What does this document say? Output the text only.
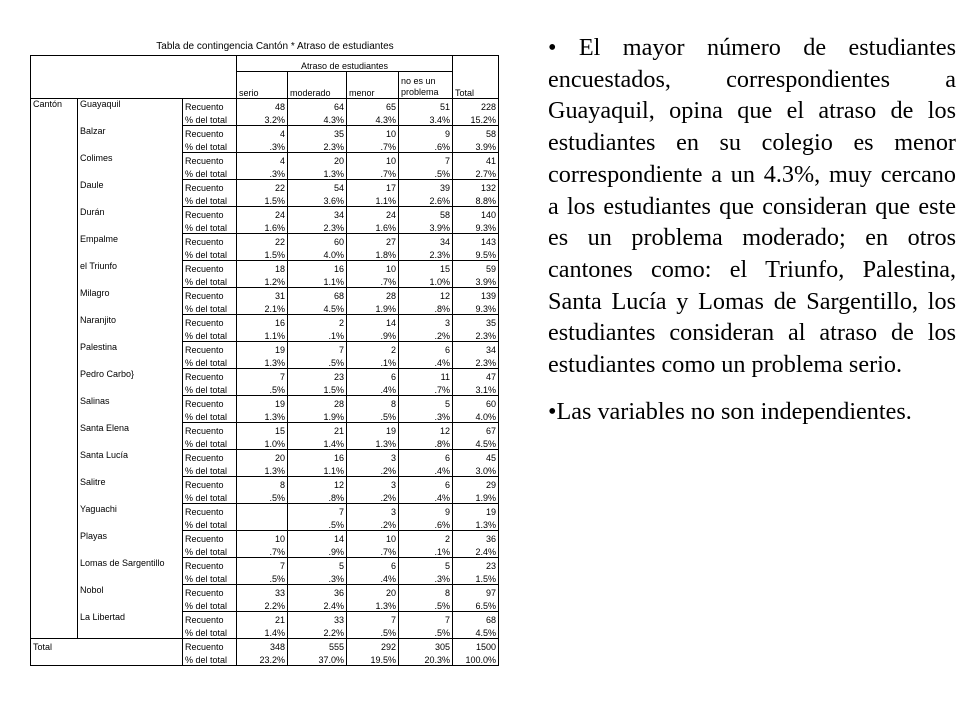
Tabla de contingencia Cantón * Atraso de estudiantes
			Atraso de estudiantes				
			serio	moderado	menor	no es un problema	Total
Cantón	Guayaquil	Recuento	48	64	65	51	228
		% del total	3.2%	4.3%	4.3%	3.4%	15.2%
	Balzar	Recuento	4	35	10	9	58
		% del total	.3%	2.3%	.7%	.6%	3.9%
	Colimes	Recuento	4	20	10	7	41
		% del total	.3%	1.3%	.7%	.5%	2.7%
	Daule	Recuento	22	54	17	39	132
		% del total	1.5%	3.6%	1.1%	2.6%	8.8%
	Durán	Recuento	24	34	24	58	140
		% del total	1.6%	2.3%	1.6%	3.9%	9.3%
	Empalme	Recuento	22	60	27	34	143
		% del total	1.5%	4.0%	1.8%	2.3%	9.5%
	el Triunfo	Recuento	18	16	10	15	59
		% del total	1.2%	1.1%	.7%	1.0%	3.9%
	Milagro	Recuento	31	68	28	12	139
		% del total	2.1%	4.5%	1.9%	.8%	9.3%
	Naranjito	Recuento	16	2	14	3	35
		% del total	1.1%	.1%	.9%	.2%	2.3%
	Palestina	Recuento	19	7	2	6	34
		% del total	1.3%	.5%	.1%	.4%	2.3%
	Pedro Carbo}	Recuento	7	23	6	11	47
		% del total	.5%	1.5%	.4%	.7%	3.1%
	Salinas	Recuento	19	28	8	5	60
		% del total	1.3%	1.9%	.5%	.3%	4.0%
	Santa Elena	Recuento	15	21	19	12	67
		% del total	1.0%	1.4%	1.3%	.8%	4.5%
	Santa Lucía	Recuento	20	16	3	6	45
		% del total	1.3%	1.1%	.2%	.4%	3.0%
	Salitre	Recuento	8	12	3	6	29
		% del total	.5%	.8%	.2%	.4%	1.9%
	Yaguachi	Recuento		7	3	9	19
		% del total		.5%	.2%	.6%	1.3%
	Playas	Recuento	10	14	10	2	36
		% del total	.7%	.9%	.7%	.1%	2.4%
	Lomas de Sargentillo	Recuento	7	5	6	5	23
		% del total	.5%	.3%	.4%	.3%	1.5%
	Nobol	Recuento	33	36	20	8	97
		% del total	2.2%	2.4%	1.3%	.5%	6.5%
	La Libertad	Recuento	21	33	7	7	68
		% del total	1.4%	2.2%	.5%	.5%	4.5%
Total		Recuento	348	555	292	305	1500
		% del total	23.2%	37.0%	19.5%	20.3%	100.0%

• El mayor número de estudiantes encuestados, correspondientes a Guayaquil, opina que el atraso de los estudiantes en su colegio es menor correspondiente a un 4.3%, muy cercano a los estudiantes que consideran que este es un problema moderado; en otros cantones como: el Triunfo, Palestina, Santa Lucía y Lomas de Sargentillo, los estudiantes consideran al atraso de los estudiantes como un problema serio.

•Las variables no son independientes.
